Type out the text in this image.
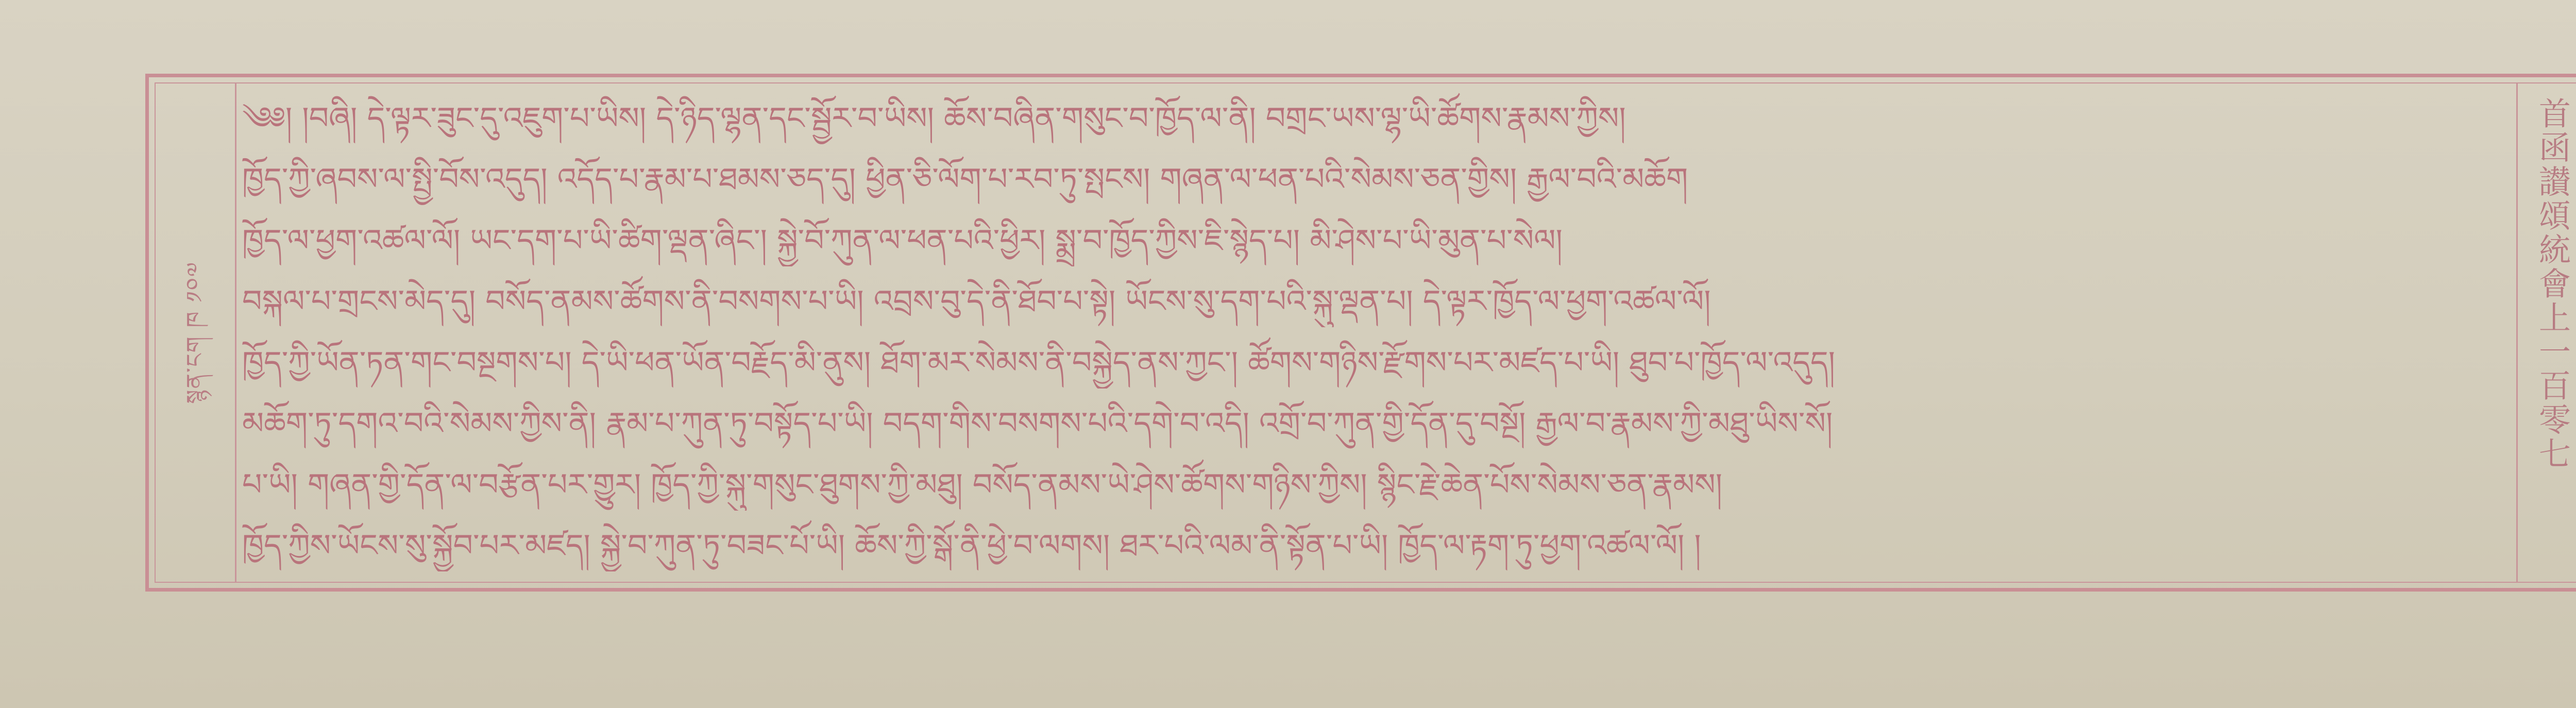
སྙན་ངག ཁ ༡༠༧	首函讃頌統會上一百零七
༄༅། །བཞི། དེ་ལྟར་ཟུང་དུ་འཇུག་པ་ཡིས། དེ་ཉིད་ལྷན་དང་སྦྱོར་བ་ཡིས། ཆོས་བཞིན་གསུང་བ་ཁྱོད་ལ་ནི། བགྲང་ཡས་ལྷ་ཡི་ཚོགས་རྣམས་ཀྱིས།
ཁྱོད་ཀྱི་ཞབས་ལ་སྤྱི་བོས་འདུད། འདོད་པ་རྣམ་པ་ཐམས་ཅད་དུ། ཕྱིན་ཅི་ལོག་པ་རབ་ཏུ་སྤངས། གཞན་ལ་ཕན་པའི་སེམས་ཅན་གྱིས། རྒྱལ་བའི་མཆོག
ཁྱོད་ལ་ཕྱག་འཚལ་ལོ། ཡང་དག་པ་ཡི་ཚིག་ལྡན་ཞིང་། སྐྱེ་བོ་ཀུན་ལ་ཕན་པའི་ཕྱིར། སྨྲ་བ་ཁྱོད་ཀྱིས་ཇི་སྙེད་པ། མི་ཤེས་པ་ཡི་མུན་པ་སེལ།
བསྐལ་པ་གྲངས་མེད་དུ། བསོད་ནམས་ཚོགས་ནི་བསགས་པ་ཡི། འབྲས་བུ་དེ་ནི་ཐོབ་པ་སྟེ། ཡོངས་སུ་དག་པའི་སྐུ་ལྡན་པ། དེ་ལྟར་ཁྱོད་ལ་ཕྱག་འཚལ་ལོ།
ཁྱོད་ཀྱི་ཡོན་ཏན་གང་བསྔགས་པ། དེ་ཡི་ཕན་ཡོན་བརྗོད་མི་ནུས། ཐོག་མར་སེམས་ནི་བསྐྱེད་ནས་ཀྱང་། ཚོགས་གཉིས་རྫོགས་པར་མཛད་པ་ཡི། ཐུབ་པ་ཁྱོད་ལ་འདུད།
མཆོག་ཏུ་དགའ་བའི་སེམས་ཀྱིས་ནི། རྣམ་པ་ཀུན་ཏུ་བསྟོད་པ་ཡི། བདག་གིས་བསགས་པའི་དགེ་བ་འདི། འགྲོ་བ་ཀུན་གྱི་དོན་དུ་བསྔོ། རྒྱལ་བ་རྣམས་ཀྱི་མཐུ་ཡིས་སོ།
པ་ཡི། གཞན་གྱི་དོན་ལ་བརྩོན་པར་གྱུར། ཁྱོད་ཀྱི་སྐུ་གསུང་ཐུགས་ཀྱི་མཐུ། བསོད་ནམས་ཡེ་ཤེས་ཚོགས་གཉིས་ཀྱིས། སྙིང་རྗེ་ཆེན་པོས་སེམས་ཅན་རྣམས།
ཁྱོད་ཀྱིས་ཡོངས་སུ་སྐྱོབ་པར་མཛད། སྐྱེ་བ་ཀུན་ཏུ་བཟང་པོ་ཡི། ཆོས་ཀྱི་སྒོ་ནི་ཕྱེ་བ་ལགས། ཐར་པའི་ལམ་ནི་སྟོན་པ་ཡི། ཁྱོད་ལ་རྟག་ཏུ་ཕྱག་འཚལ་ལོ། །
